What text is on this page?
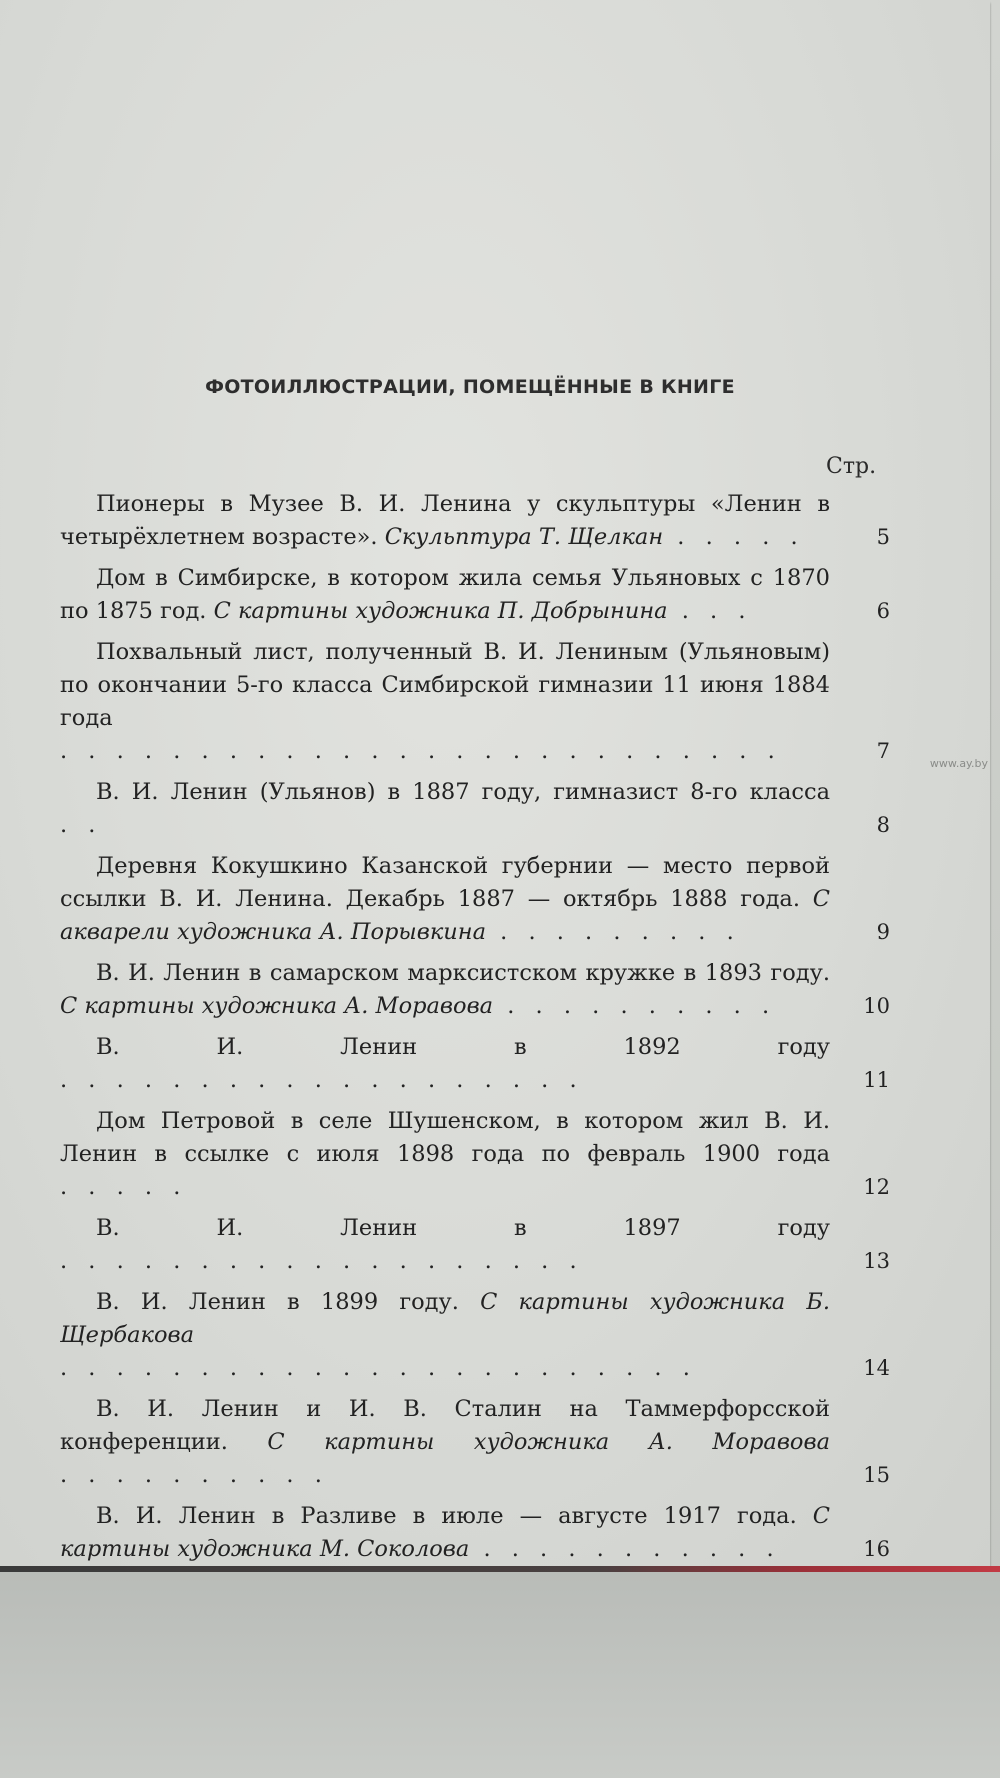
ФОТОИЛЛЮСТРАЦИИ, ПОМЕЩЁННЫЕ В КНИГЕ
Стр.
Пионеры в Музее В. И. Ленина у скульптуры «Ленин в четырёхлетнем возрасте». Скульптура Т. Щелкан . . . . .	5
Дом в Симбирске, в котором жила семья Ульяновых с 1870 по 1875 год. С картины художника П. Добрынина . . .	6
Похвальный лист, полученный В. И. Лениным (Ульяновым) по окончании 5-го класса Симбирской гимназии 11 июня 1884 года . . . . . . . . . . . . . . . . . . . . . . . . . .	7
В. И. Ленин (Ульянов) в 1887 году, гимназист 8-го класса . .	8
Деревня Кокушкино Казанской губернии — место первой ссылки В. И. Ленина. Декабрь 1887 — октябрь 1888 года. С акварели художника А. Порывкина . . . . . . . . .	9
В. И. Ленин в самарском марксистском кружке в 1893 году. С картины художника А. Моравова . . . . . . . . . .	10
В. И. Ленин в 1892 году . . . . . . . . . . . . . . . . . . .	11
Дом Петровой в селе Шушенском, в котором жил В. И. Ленин в ссылке с июля 1898 года по февраль 1900 года . . . . .	12
В. И. Ленин в 1897 году . . . . . . . . . . . . . . . . . . .	13
В. И. Ленин в 1899 году. С картины художника Б. Щербакова . . . . . . . . . . . . . . . . . . . . . . .	14
В. И. Ленин и И. В. Сталин на Таммерфорсской конференции. С картины художника А. Моравова . . . . . . . . . .	15
В. И. Ленин в Разливе в июле — августе 1917 года. С картины художника М. Соколова . . . . . . . . . . .	16
www.ay.by
